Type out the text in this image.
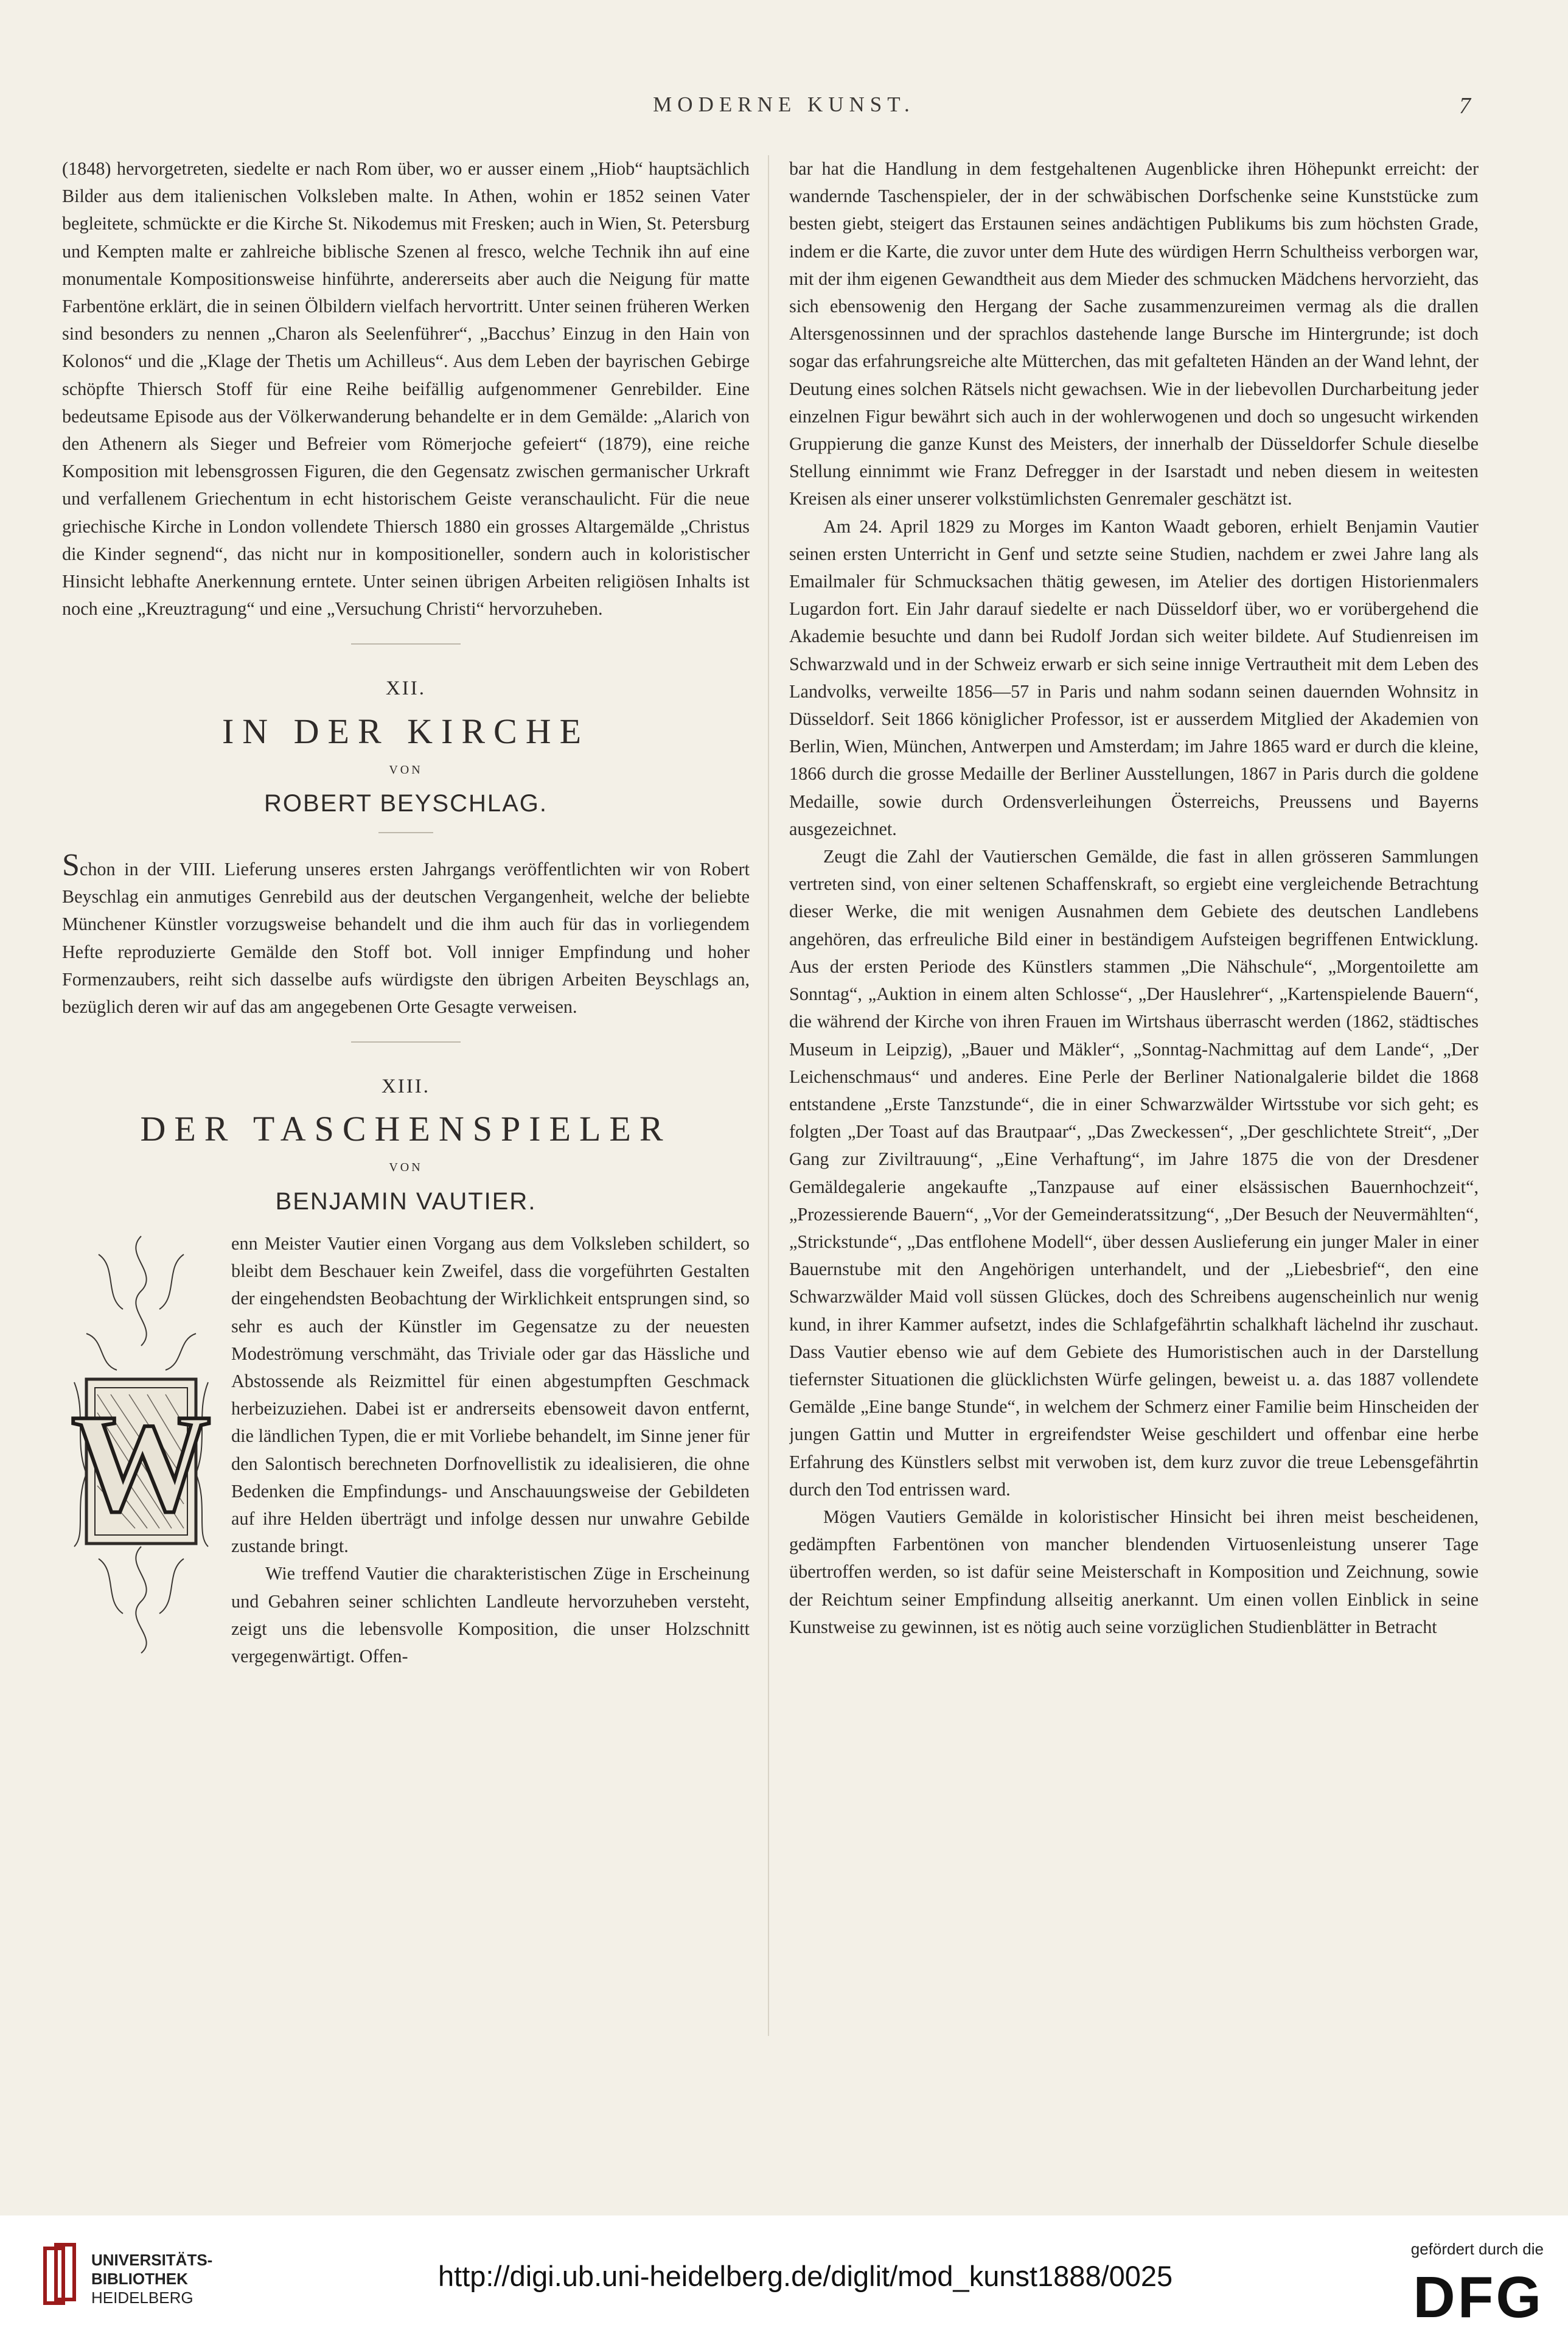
MODERNE KUNST.	7

(1848) hervorgetreten, siedelte er nach Rom über, wo er ausser einem „Hiob“ hauptsächlich Bilder aus dem italienischen Volksleben malte. In Athen, wohin er 1852 seinen Vater begleitete, schmückte er die Kirche St. Nikodemus mit Fresken; auch in Wien, St. Petersburg und Kempten malte er zahlreiche biblische Szenen al fresco, welche Technik ihn auf eine monumentale Kompositionsweise hinführte, andererseits aber auch die Neigung für matte Farbentöne erklärt, die in seinen Ölbildern vielfach hervortritt. Unter seinen früheren Werken sind besonders zu nennen „Charon als Seelenführer“, „Bacchus’ Einzug in den Hain von Kolonos“ und die „Klage der Thetis um Achilleus“. Aus dem Leben der bayrischen Gebirge schöpfte Thiersch Stoff für eine Reihe beifällig aufgenommener Genrebilder. Eine bedeutsame Episode aus der Völkerwanderung behandelte er in dem Gemälde: „Alarich von den Athenern als Sieger und Befreier vom Römerjoche gefeiert“ (1879), eine reiche Komposition mit lebensgrossen Figuren, die den Gegensatz zwischen germanischer Urkraft und verfallenem Griechentum in echt historischem Geiste veranschaulicht. Für die neue griechische Kirche in London vollendete Thiersch 1880 ein grosses Altargemälde „Christus die Kinder segnend“, das nicht nur in kompositioneller, sondern auch in koloristischer Hinsicht lebhafte Anerkennung erntete. Unter seinen übrigen Arbeiten religiösen Inhalts ist noch eine „Kreuztragung“ und eine „Versuchung Christi“ hervorzuheben.

XII.
IN DER KIRCHE
VON
ROBERT BEYSCHLAG.

Schon in der VIII. Lieferung unseres ersten Jahrgangs veröffentlichten wir von Robert Beyschlag ein anmutiges Genrebild aus der deutschen Vergangenheit, welche der beliebte Münchener Künstler vorzugsweise behandelt und die ihm auch für das in vorliegendem Hefte reproduzierte Gemälde den Stoff bot. Voll inniger Empfindung und hoher Formenzaubers, reiht sich dasselbe aufs würdigste den übrigen Arbeiten Beyschlags an, bezüglich deren wir auf das am angegebenen Orte Gesagte verweisen.

XIII.
DER TASCHENSPIELER
VON
BENJAMIN VAUTIER.
W

enn Meister Vautier einen Vorgang aus dem Volksleben schildert, so bleibt dem Beschauer kein Zweifel, dass die vorgeführten Gestalten der eingehendsten Beobachtung der Wirklichkeit entsprungen sind, so sehr es auch der Künstler im Gegensatze zu der neuesten Modeströmung verschmäht, das Triviale oder gar das Hässliche und Abstossende als Reizmittel für einen abgestumpften Geschmack herbeizuziehen. Dabei ist er andrerseits ebensoweit davon entfernt, die ländlichen Typen, die er mit Vorliebe behandelt, im Sinne jener für den Salontisch berechneten Dorfnovellistik zu idealisieren, die ohne Bedenken die Empfindungs- und Anschauungsweise der Gebildeten auf ihre Helden überträgt und infolge dessen nur unwahre Gebilde zustande bringt.

Wie treffend Vautier die charakteristischen Züge in Erscheinung und Gebahren seiner schlichten Landleute hervorzuheben versteht, zeigt uns die lebensvolle Komposition, die unser Holzschnitt vergegenwärtigt. Offen-

bar hat die Handlung in dem festgehaltenen Augenblicke ihren Höhepunkt erreicht: der wandernde Taschenspieler, der in der schwäbischen Dorfschenke seine Kunststücke zum besten giebt, steigert das Erstaunen seines andächtigen Publikums bis zum höchsten Grade, indem er die Karte, die zuvor unter dem Hute des würdigen Herrn Schultheiss verborgen war, mit der ihm eigenen Gewandtheit aus dem Mieder des schmucken Mädchens hervorzieht, das sich ebensowenig den Hergang der Sache zusammenzureimen vermag als die drallen Altersgenossinnen und der sprachlos dastehende lange Bursche im Hintergrunde; ist doch sogar das erfahrungsreiche alte Mütterchen, das mit gefalteten Händen an der Wand lehnt, der Deutung eines solchen Rätsels nicht gewachsen. Wie in der liebevollen Durcharbeitung jeder einzelnen Figur bewährt sich auch in der wohlerwogenen und doch so ungesucht wirkenden Gruppierung die ganze Kunst des Meisters, der innerhalb der Düsseldorfer Schule dieselbe Stellung einnimmt wie Franz Defregger in der Isarstadt und neben diesem in weitesten Kreisen als einer unserer volkstümlichsten Genremaler geschätzt ist.

Am 24. April 1829 zu Morges im Kanton Waadt geboren, erhielt Benjamin Vautier seinen ersten Unterricht in Genf und setzte seine Studien, nachdem er zwei Jahre lang als Emailmaler für Schmucksachen thätig gewesen, im Atelier des dortigen Historienmalers Lugardon fort. Ein Jahr darauf siedelte er nach Düsseldorf über, wo er vorübergehend die Akademie besuchte und dann bei Rudolf Jordan sich weiter bildete. Auf Studienreisen im Schwarzwald und in der Schweiz erwarb er sich seine innige Vertrautheit mit dem Leben des Landvolks, verweilte 1856—57 in Paris und nahm sodann seinen dauernden Wohnsitz in Düsseldorf. Seit 1866 königlicher Professor, ist er ausserdem Mitglied der Akademien von Berlin, Wien, München, Antwerpen und Amsterdam; im Jahre 1865 ward er durch die kleine, 1866 durch die grosse Medaille der Berliner Ausstellungen, 1867 in Paris durch die goldene Medaille, sowie durch Ordensverleihungen Österreichs, Preussens und Bayerns ausgezeichnet.

Zeugt die Zahl der Vautierschen Gemälde, die fast in allen grösseren Sammlungen vertreten sind, von einer seltenen Schaffenskraft, so ergiebt eine vergleichende Betrachtung dieser Werke, die mit wenigen Ausnahmen dem Gebiete des deutschen Landlebens angehören, das erfreuliche Bild einer in beständigem Aufsteigen begriffenen Entwicklung. Aus der ersten Periode des Künstlers stammen „Die Nähschule“, „Morgentoilette am Sonntag“, „Auktion in einem alten Schlosse“, „Der Hauslehrer“, „Kartenspielende Bauern“, die während der Kirche von ihren Frauen im Wirtshaus überrascht werden (1862, städtisches Museum in Leipzig), „Bauer und Mäkler“, „Sonntag-Nachmittag auf dem Lande“, „Der Leichenschmaus“ und anderes. Eine Perle der Berliner Nationalgalerie bildet die 1868 entstandene „Erste Tanzstunde“, die in einer Schwarzwälder Wirtsstube vor sich geht; es folgten „Der Toast auf das Brautpaar“, „Das Zweckessen“, „Der geschlichtete Streit“, „Der Gang zur Ziviltrauung“, „Eine Verhaftung“, im Jahre 1875 die von der Dresdener Gemäldegalerie angekaufte „Tanzpause auf einer elsässischen Bauernhochzeit“, „Prozessierende Bauern“, „Vor der Gemeinderatssitzung“, „Der Besuch der Neuvermählten“, „Strickstunde“, „Das entflohene Modell“, über dessen Auslieferung ein junger Maler in einer Bauernstube mit den Angehörigen unterhandelt, und der „Liebesbrief“, den eine Schwarzwälder Maid voll süssen Glückes, doch des Schreibens augenscheinlich nur wenig kund, in ihrer Kammer aufsetzt, indes die Schlafgefährtin schalkhaft lächelnd ihr zuschaut. Dass Vautier ebenso wie auf dem Gebiete des Humoristischen auch in der Darstellung tiefernster Situationen die glücklichsten Würfe gelingen, beweist u. a. das 1887 vollendete Gemälde „Eine bange Stunde“, in welchem der Schmerz einer Familie beim Hinscheiden der jungen Gattin und Mutter in ergreifendster Weise geschildert und offenbar eine herbe Erfahrung des Künstlers selbst mit verwoben ist, dem kurz zuvor die treue Lebensgefährtin durch den Tod entrissen ward.

Mögen Vautiers Gemälde in koloristischer Hinsicht bei ihren meist bescheidenen, gedämpften Farbentönen von mancher blendenden Virtuosenleistung unserer Tage übertroffen werden, so ist dafür seine Meisterschaft in Komposition und Zeichnung, sowie der Reichtum seiner Empfindung allseitig anerkannt. Um einen vollen Einblick in seine Kunstweise zu gewinnen, ist es nötig auch seine vorzüglichen Studienblätter in Betracht

UNIVERSITÄTS-
BIBLIOTHEK
HEIDELBERG
http://digi.ub.uni-heidelberg.de/diglit/mod_kunst1888/0025
gefördert durch die
DFG
